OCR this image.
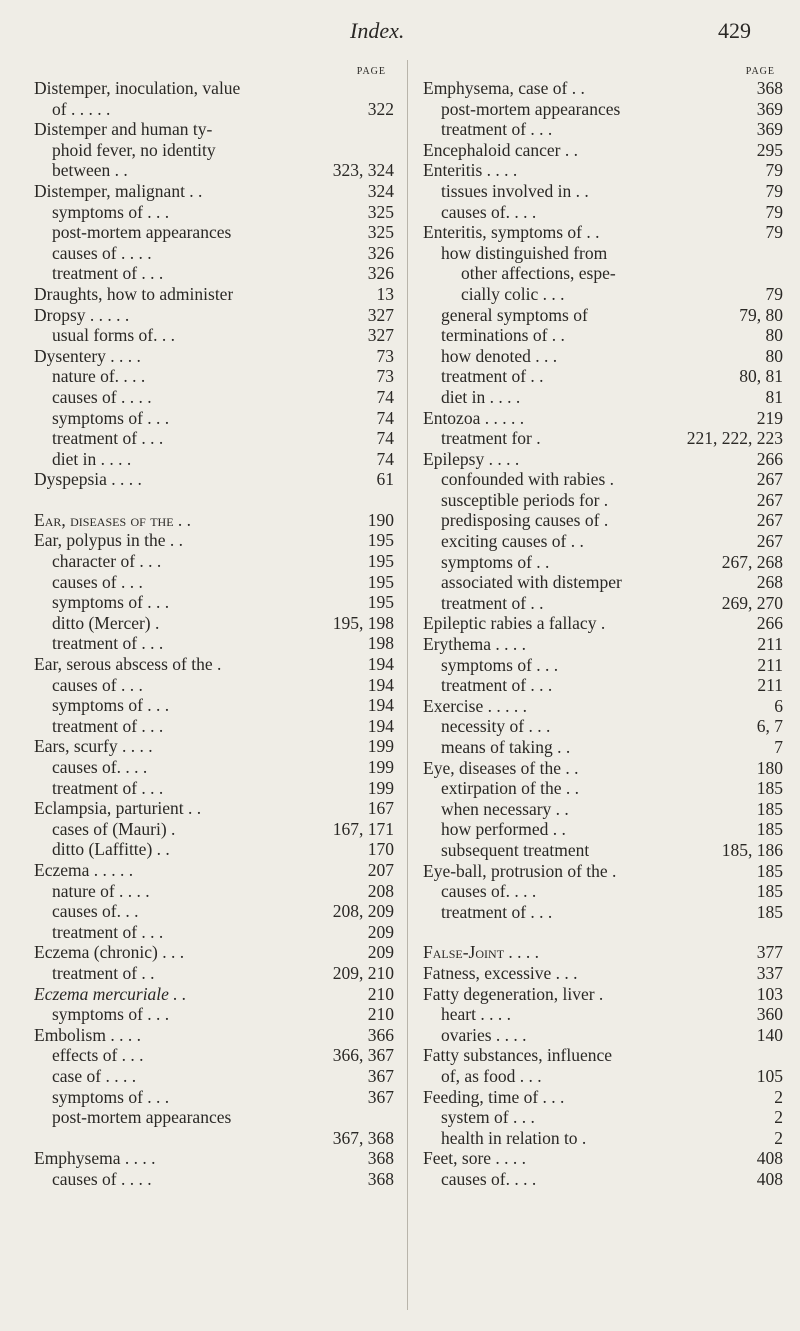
Index.	429
PAGE
Distemper, inoculation, value
of . . . . .	322
Distemper and human ty-
phoid fever, no identity
between . .	323, 324
Distemper, malignant . .	324
symptoms of . . .	325
post-mortem appearances	325
causes of . . . .	326
treatment of . . .	326
Draughts, how to administer	13
Dropsy . . . . .	327
usual forms of. . .	327
Dysentery . . . .	73
nature of. . . .	73
causes of . . . .	74
symptoms of . . .	74
treatment of . . .	74
diet in . . . .	74
Dyspepsia . . . .	61
Ear, diseases of the . .	190
Ear, polypus in the . .	195
character of . . .	195
causes of . . .	195
symptoms of . . .	195
ditto (Mercer) .	195, 198
treatment of . . .	198
Ear, serous abscess of the .	194
causes of . . .	194
symptoms of . . .	194
treatment of . . .	194
Ears, scurfy . . . .	199
causes of. . . .	199
treatment of . . .	199
Eclampsia, parturient . .	167
cases of (Mauri) .	167, 171
ditto (Laffitte) . .	170
Eczema . . . . .	207
nature of . . . .	208
causes of. . .	208, 209
treatment of . . .	209
Eczema (chronic) . . .	209
treatment of . .	209, 210
Eczema mercuriale . .	210
symptoms of . . .	210
Embolism . . . .	366
effects of . . .	366, 367
case of . . . .	367
symptoms of . . .	367
post-mortem appearances
367, 368
Emphysema . . . .	368
causes of . . . .	368
PAGE
Emphysema, case of . .	368
post-mortem appearances	369
treatment of . . .	369
Encephaloid cancer . .	295
Enteritis . . . .	79
tissues involved in . .	79
causes of. . . .	79
Enteritis, symptoms of . .	79
how distinguished from
other affections, espe-
cially colic . . .	79
general symptoms of	79, 80
terminations of . .	80
how denoted . . .	80
treatment of . .	80, 81
diet in . . . .	81
Entozoa . . . . .	219
treatment for .	221, 222, 223
Epilepsy . . . .	266
confounded with rabies .	267
susceptible periods for .	267
predisposing causes of .	267
exciting causes of . .	267
symptoms of . .	267, 268
associated with distemper	268
treatment of . .	269, 270
Epileptic rabies a fallacy .	266
Erythema . . . .	211
symptoms of . . .	211
treatment of . . .	211
Exercise . . . . .	6
necessity of . . .	6, 7
means of taking . .	7
Eye, diseases of the . .	180
extirpation of the . .	185
when necessary . .	185
how performed . .	185
subsequent treatment	185, 186
Eye-ball, protrusion of the .	185
causes of. . . .	185
treatment of . . .	185
False-Joint . . . .	377
Fatness, excessive . . .	337
Fatty degeneration, liver .	103
heart . . . .	360
ovaries . . . .	140
Fatty substances, influence
of, as food . . .	105
Feeding, time of . . .	2
system of . . .	2
health in relation to .	2
Feet, sore . . . .	408
causes of. . . .	408
